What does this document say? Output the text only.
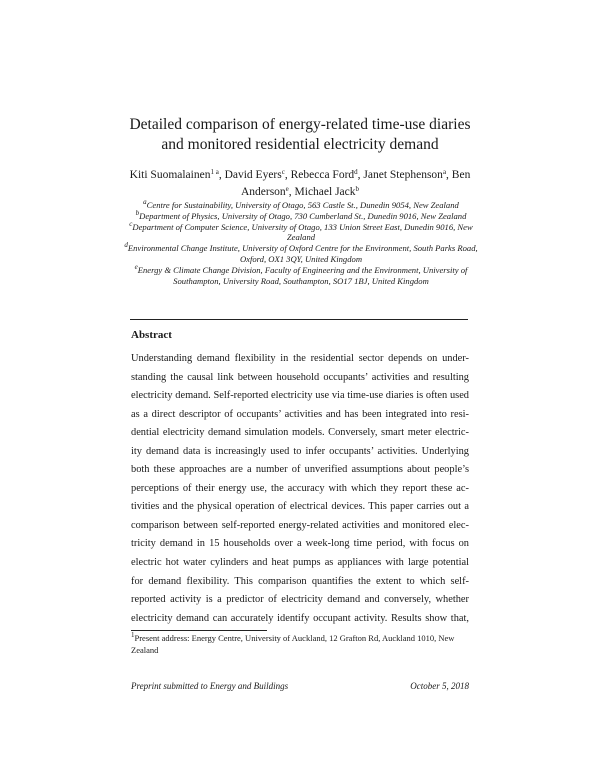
Detailed comparison of energy-related time-use diaries
and monitored residential electricity demand
Kiti Suomalainen$^{1 a}$, David Eyers$^c$, Rebecca Ford$^d$, Janet Stephenson$^a$, Ben Anderson$^e$, Michael Jack$^b$
$^a$Centre for Sustainability, University of Otago, 563 Castle St., Dunedin 9054, New Zealand
$^b$Department of Physics, University of Otago, 730 Cumberland St., Dunedin 9016, New Zealand
$^c$Department of Computer Science, University of Otago, 133 Union Street East, Dunedin 9016, New Zealand
$^d$Environmental Change Institute, University of Oxford Centre for the Environment, South Parks Road, Oxford, OX1 3QY, United Kingdom
$^e$Energy & Climate Change Division, Faculty of Engineering and the Environment, University of Southampton, University Road, Southampton, SO17 1BJ, United Kingdom
Abstract
Understanding demand flexibility in the residential sector depends on under-
standing the causal link between household occupants’ activities and resulting
electricity demand. Self-reported electricity use via time-use diaries is often used
as a direct descriptor of occupants’ activities and has been integrated into resi-
dential electricity demand simulation models. Conversely, smart meter electric-
ity demand data is increasingly used to infer occupants’ activities. Underlying
both these approaches are a number of unverified assumptions about people’s
perceptions of their energy use, the accuracy with which they report these ac-
tivities and the physical operation of electrical devices. This paper carries out a
comparison between self-reported energy-related activities and monitored elec-
tricity demand in 15 households over a week-long time period, with focus on
electric hot water cylinders and heat pumps as appliances with large potential
for demand flexibility. This comparison quantifies the extent to which self-
reported activity is a predictor of electricity demand and conversely, whether
electricity demand can accurately identify occupant activity. Results show that,
$^1$Present address: Energy Centre, University of Auckland, 12 Grafton Rd, Auckland 1010, New Zealand
Preprint submitted to Energy and Buildings	October 5, 2018
